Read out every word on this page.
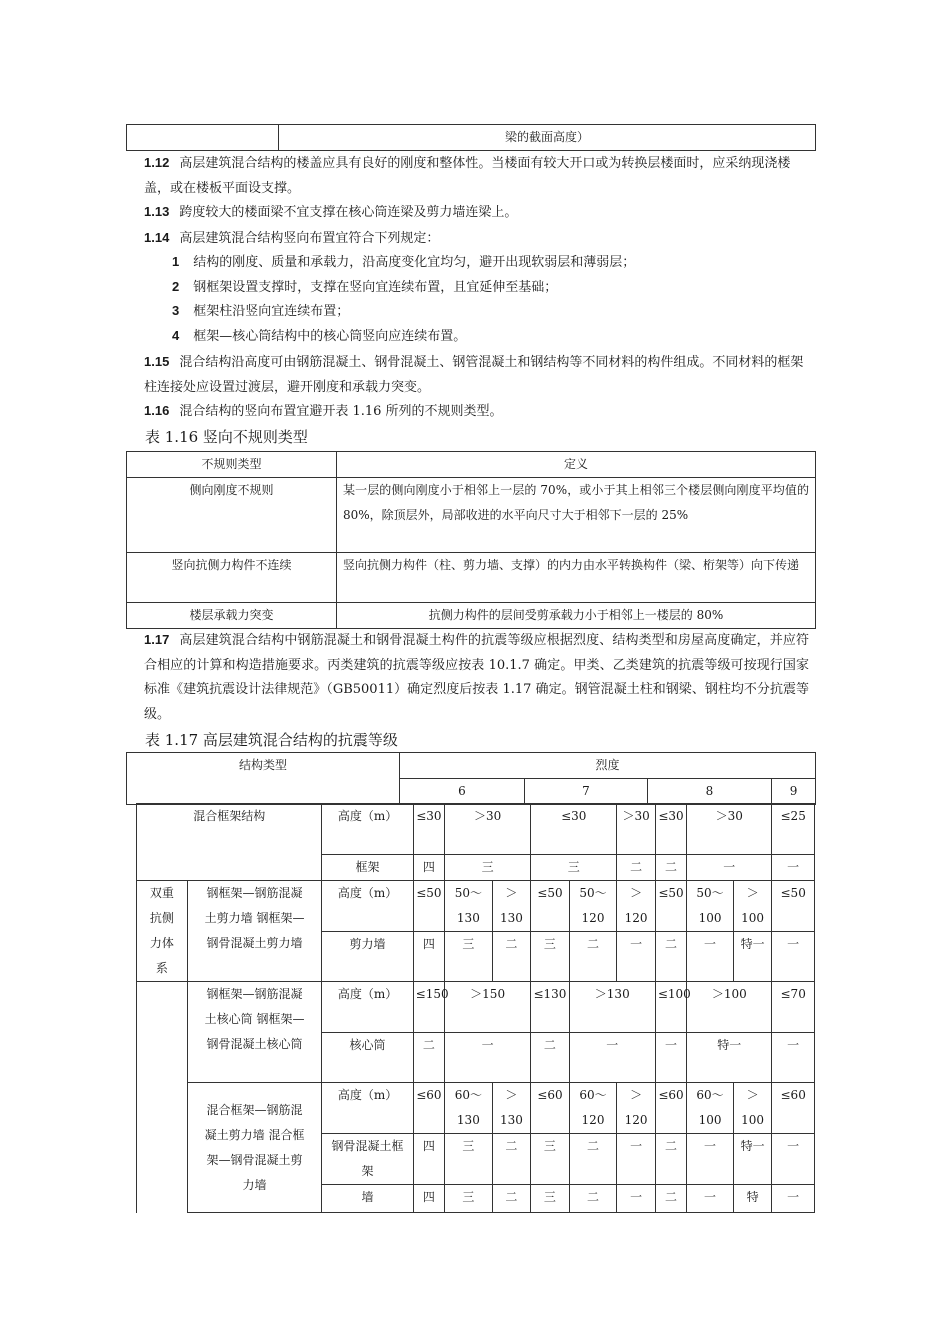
	梁的截面高度）
1.12 高层建筑混合结构的楼盖应具有良好的刚度和整体性。当楼面有较大开口或为转换层楼面时，应采纳现浇楼盖，或在楼板平面设支撑。
1.13 跨度较大的楼面梁不宜支撑在核心筒连梁及剪力墙连梁上。
1.14 高层建筑混合结构竖向布置宜符合下列规定：
1 结构的刚度、质量和承载力，沿高度变化宜均匀，避开出现软弱层和薄弱层；
2 钢框架设置支撑时，支撑在竖向宜连续布置，且宜延伸至基础；
3 框架柱沿竖向宜连续布置；
4 框架—核心筒结构中的核心筒竖向应连续布置。
1.15 混合结构沿高度可由钢筋混凝土、钢骨混凝土、钢管混凝土和钢结构等不同材料的构件组成。不同材料的框架柱连接处应设置过渡层，避开刚度和承载力突变。
1.16 混合结构的竖向布置宜避开表 1.16 所列的不规则类型。
表 1.16 竖向不规则类型
不规则类型	定义
侧向刚度不规则	某一层的侧向刚度小于相邻上一层的 70%，或小于其上相邻三个楼层侧向刚度平均值的 80%，除顶层外，局部收进的水平向尺寸大于相邻下一层的 25%
竖向抗侧力构件不连续	竖向抗侧力构件（柱、剪力墙、支撑）的内力由水平转换构件（梁、桁架等）向下传递
楼层承载力突变	抗侧力构件的层间受剪承载力小于相邻上一楼层的 80%
1.17 高层建筑混合结构中钢筋混凝土和钢骨混凝土构件的抗震等级应根据烈度、结构类型和房屋高度确定，并应符合相应的计算和构造措施要求。丙类建筑的抗震等级应按表 10.1.7 确定。甲类、乙类建筑的抗震等级可按现行国家标准《建筑抗震设计法律规范》（GB50011）确定烈度后按表 1.17 确定。钢管混凝土柱和钢梁、钢柱均不分抗震等级。
表 1.17 高层建筑混合结构的抗震等级
结构类型	烈度			
	6	7	8	9
混合框架结构		高度（m）	≤30	＞30		≤30		＞30	≤30	＞30		≤25
		框架	四	三		三		二	二	一		一
双重抗侧力体系	钢框架—钢筋混凝土剪力墙 钢框架—钢骨混凝土剪力墙	高度（m）	≤50	50～130	＞130	≤50	50～120	＞120	≤50	50～100	＞100	≤50
		剪力墙	四	三	二	三	二	一	二	一	特一	一
	钢框架—钢筋混凝土核心筒 钢框架—钢骨混凝土核心筒	高度（m）	≤150	＞150		≤130	＞130		≤100	＞100		≤70
		核心筒	二	一		二	一		一	特一		一
	混合框架—钢筋混凝土剪力墙 混合框架—钢骨混凝土剪力墙	高度（m）	≤60	60～130	＞130	≤60	60～120	＞120	≤60	60～100	＞100	≤60
		钢骨混凝土框架	四	三	二	三	二	一	二	一	特一	一
		墙	四	三	二	三	二	一	二	一	特	一
